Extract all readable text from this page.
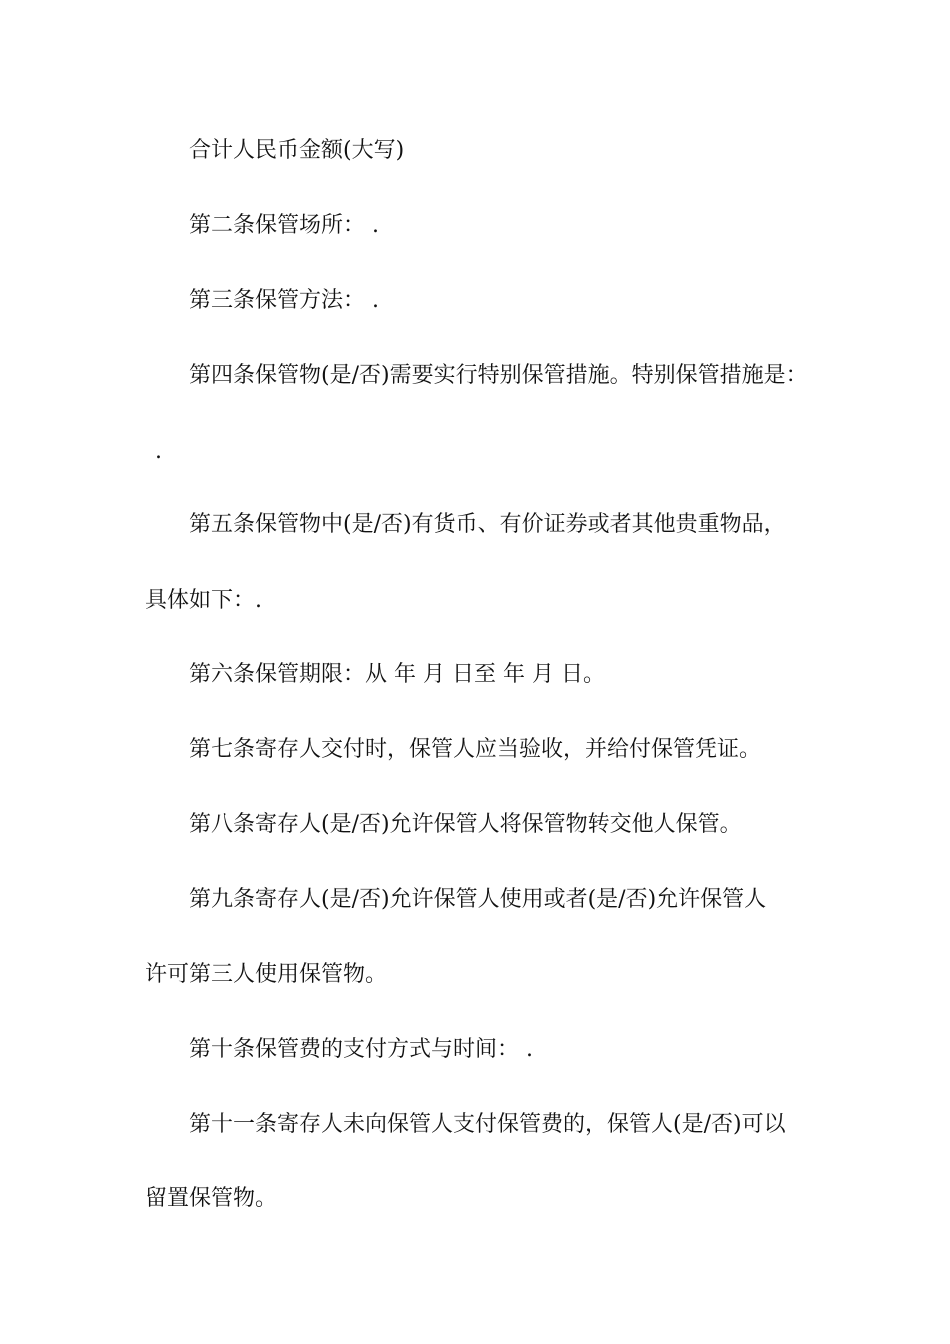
合计人民币金额(大写)
第二条保管场所： .
第三条保管方法： .
第四条保管物(是/否)需要实行特别保管措施。特别保管措施是：
.
第五条保管物中(是/否)有货币、有价证券或者其他贵重物品，
具体如下：.
第六条保管期限：从 年 月 日至 年 月 日。
第七条寄存人交付时，保管人应当验收，并给付保管凭证。
第八条寄存人(是/否)允许保管人将保管物转交他人保管。
第九条寄存人(是/否)允许保管人使用或者(是/否)允许保管人
许可第三人使用保管物。
第十条保管费的支付方式与时间： .
第十一条寄存人未向保管人支付保管费的，保管人(是/否)可以
留置保管物。
